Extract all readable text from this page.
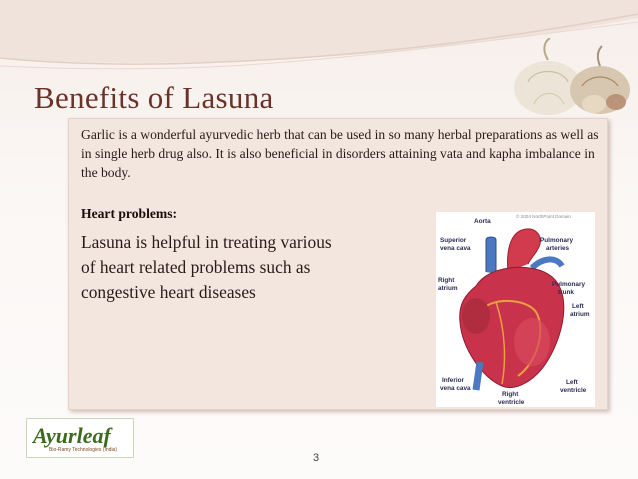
Benefits of Lasuna
Garlic is a wonderful ayurvedic herb that can be used in so many herbal preparations as well as in single herb drug also. It is also beneficial in disorders attaining vata and kapha imbalance in the body.
Heart problems:
Lasuna is helpful in treating various
of heart related problems such as
congestive heart diseases
© 2004 NorthPoint Domain
Aorta
Superior
vena cava
Pulmonary
arteries
Right
atrium
Pulmonary
trunk
Left
atrium
Inferior
vena cava
Right
ventricle
Left
ventricle
Ayurleaf
Bio-Ramy Technologies (India)
3
